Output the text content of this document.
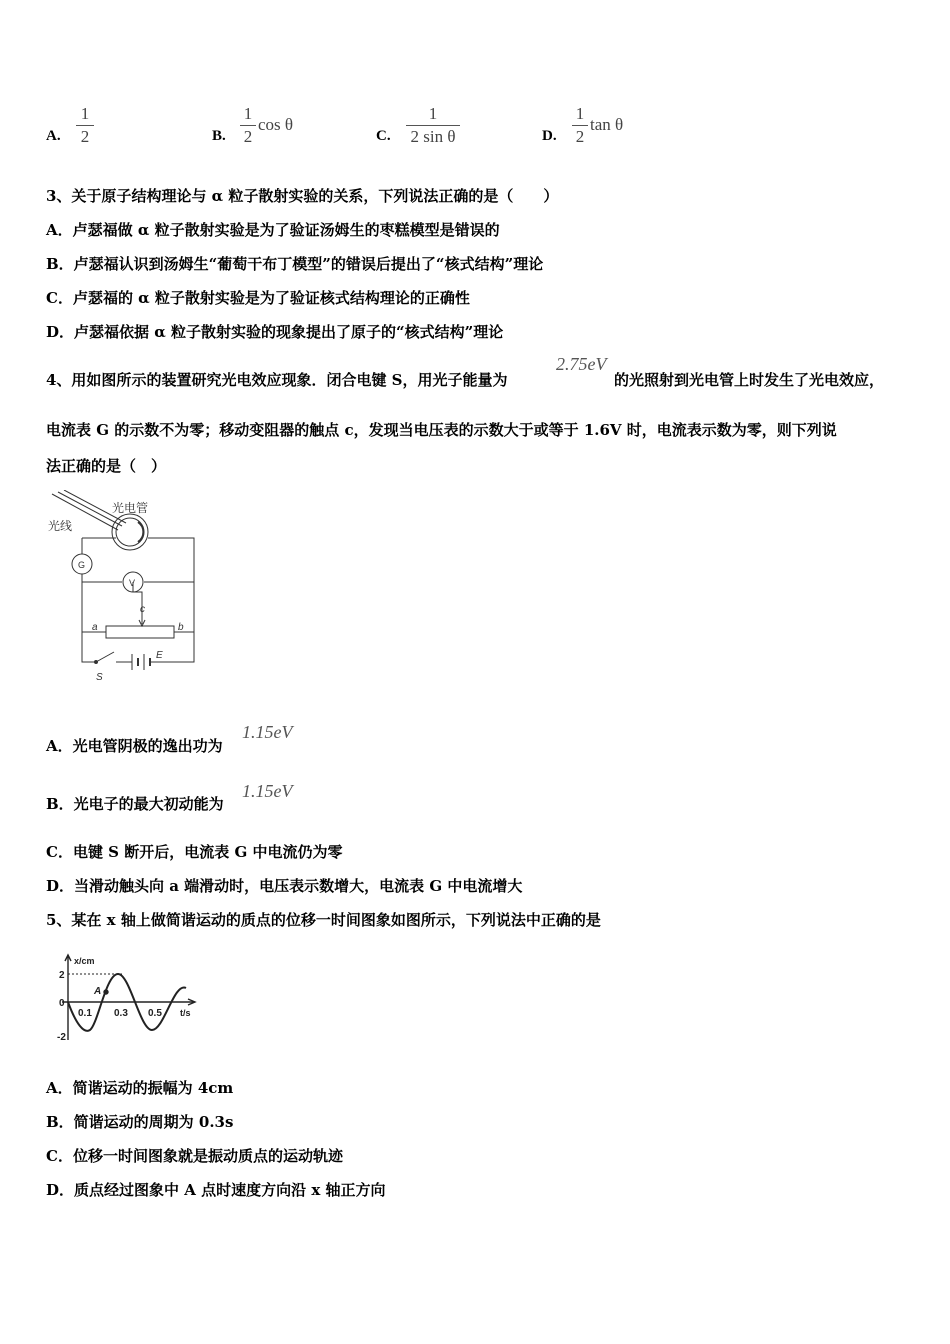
A.
1
2	B.
1
2
cos θ
C.
1
2 sin θ	D.
1
2
tan θ
3、关于原子结构理论与 α 粒子散射实验的关系，下列说法正确的是（　　）
A．卢瑟福做 α 粒子散射实验是为了验证汤姆生的枣糕模型是错误的
B．卢瑟福认识到汤姆生“葡萄干布丁模型”的错误后提出了“核式结构”理论
C．卢瑟福的 α 粒子散射实验是为了验证核式结构理论的正确性
D．卢瑟福依据 α 粒子散射实验的现象提出了原子的“核式结构”理论
4、用如图所示的装置研究光电效应现象．闭合电键 S，用光子能量为
2.75eV
的光照射到光电管上时发生了光电效应，
电流表 G 的示数不为零；移动变阻器的触点 c，发现当电压表的示数大于或等于 1.6V 时，电流表示数为零，则下列说
法正确的是（　）
光电管
光线
G
V
c
a	b
E
S
A．光电管阴极的逸出功为
1.15eV
B．光电子的最大初动能为
1.15eV
C．电键 S 断开后，电流表 G 中电流仍为零
D．当滑动触头向 a 端滑动时，电压表示数增大，电流表 G 中电流增大
5、某在 x 轴上做简谐运动的质点的位移一时间图象如图所示，下列说法中正确的是
x/cm
2
0
-2
0.1 0.3 0.5
A
t/s
A．简谐运动的振幅为 4cm
B．简谐运动的周期为 0.3s
C．位移一时间图象就是振动质点的运动轨迹
D．质点经过图象中 A 点时速度方向沿 x 轴正方向
